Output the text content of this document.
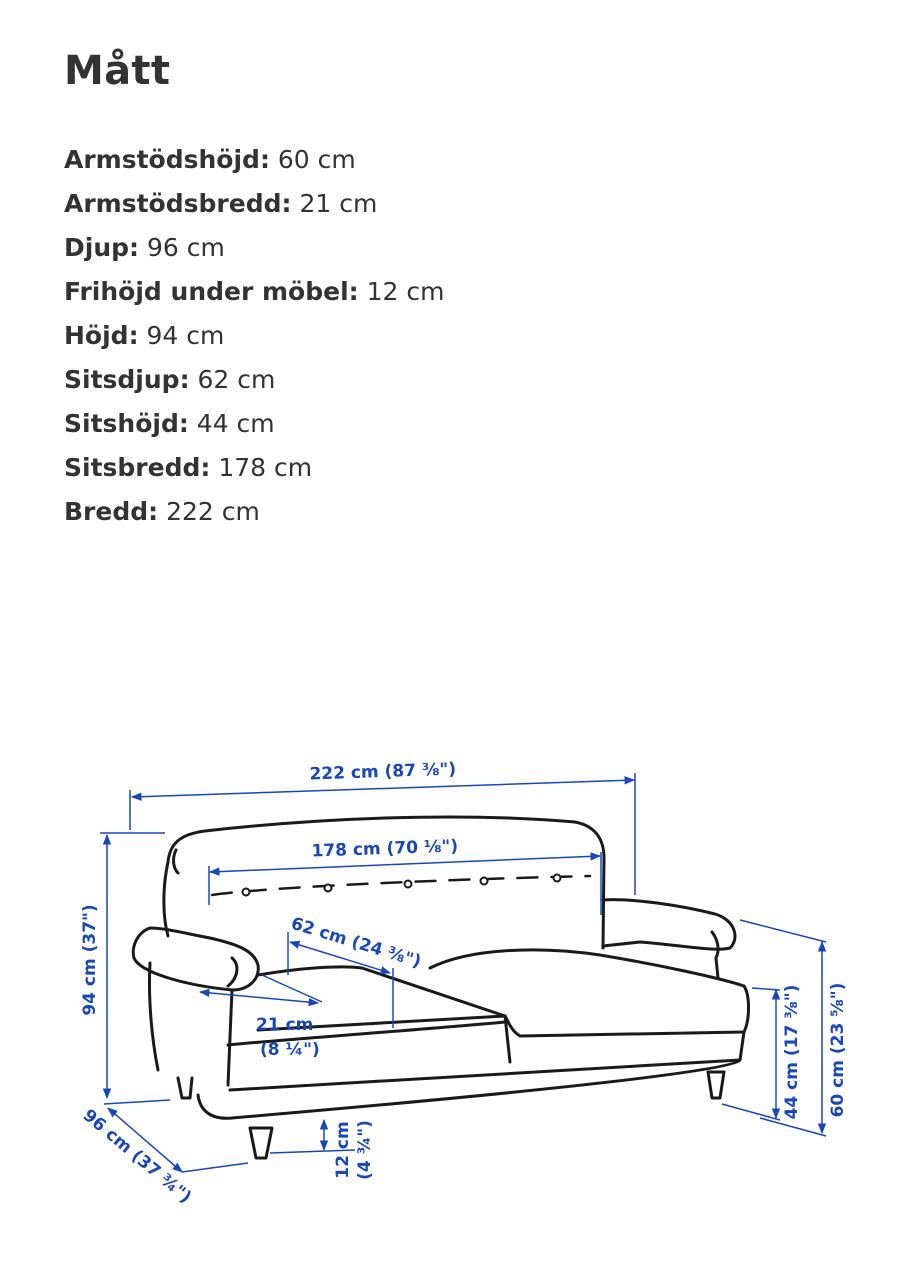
Mått
Armstödshöjd: 60 cm
Armstödsbredd: 21 cm
Djup: 96 cm
Frihöjd under möbel: 12 cm
Höjd: 94 cm
Sitsdjup: 62 cm
Sitshöjd: 44 cm
Sitsbredd: 178 cm
Bredd: 222 cm
222 cm (87 ⅜")
178 cm (70 ⅛")
62 cm (24 ⅜")
94 cm (37")
21 cm
(8 ¼")
96 cm (37 ¾")	12 cm (4 ¾")
44 cm (17 ⅜") 60 cm (23 ⅝")
